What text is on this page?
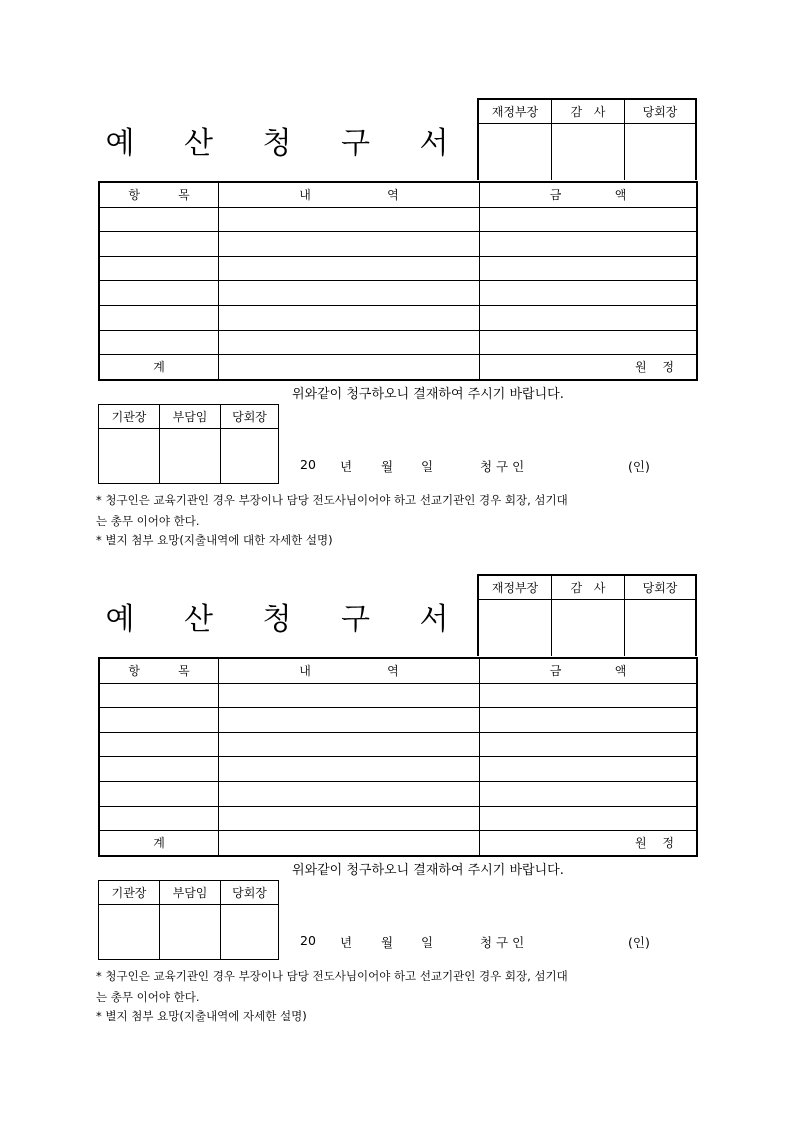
예 산 청 구 서
재정부장	감   사	당회장

항          목	내                    역	금              액

계		원 정
위와같이 청구하오니 결재하여 주시기 바랍니다.
기관장	부담임	당회장

20 년 월 일	청 구 인	(인)
* 청구인은 교육기관인 경우 부장이나 담당 전도사님이어야 하고 선교기관인 경우 회장, 섬기대
는 총무 이어야 한다.
* 별지 첨부 요망(지출내역에 대한 자세한 설명)
예 산 청 구 서
재정부장	감   사	당회장

항          목	내                    역	금              액

계		원 정
위와같이 청구하오니 결재하여 주시기 바랍니다.
기관장	부담임	당회장

20 년 월 일	청 구 인	(인)
* 청구인은 교육기관인 경우 부장이나 담당 전도사님이어야 하고 선교기관인 경우 회장, 섬기대
는 총무 이어야 한다.
* 별지 첨부 요망(지출내역에 자세한 설명)
